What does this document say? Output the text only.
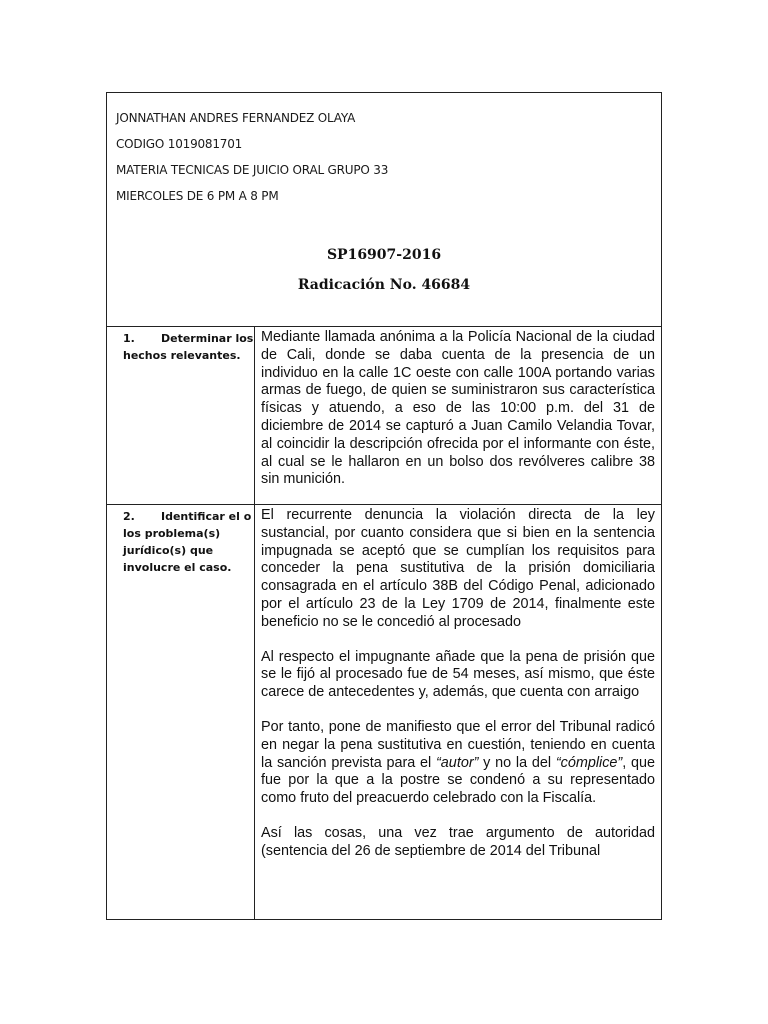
JONNATHAN ANDRES FERNANDEZ OLAYA
CODIGO 1019081701
MATERIA TECNICAS DE JUICIO ORAL GRUPO 33
MIERCOLES DE 6 PM A 8 PM
SP16907-2016
Radicación No. 46684
1. Determinar los
hechos relevantes.

Mediante llamada anónima a la Policía Nacional de la ciudad de Cali, donde se daba cuenta de la presencia de un individuo en la calle 1C oeste con calle 100A portando varias armas de fuego, de quien se suministraron sus característica físicas y atuendo, a eso de las 10:00 p.m. del 31 de diciembre de 2014 se capturó a Juan Camilo Velandia Tovar, al coincidir la descripción ofrecida por el informante con éste, al cual se le hallaron en un bolso dos revólveres calibre 38 sin munición.

2. Identificar el o
los problema(s)
jurídico(s) que
involucre el caso.

El recurrente denuncia la violación directa de la ley sustancial, por cuanto considera que si bien en la sentencia impugnada se aceptó que se cumplían los requisitos para conceder la pena sustitutiva de la prisión domiciliaria consagrada en el artículo 38B del Código Penal, adicionado por el artículo 23 de la Ley 1709 de 2014, finalmente este beneficio no se le concedió al procesado

Al respecto el impugnante añade que la pena de prisión que se le fijó al procesado fue de 54 meses, así mismo, que éste carece de antecedentes y, además, que cuenta con arraigo

Por tanto, pone de manifiesto que el error del Tribunal radicó en negar la pena sustitutiva en cuestión, teniendo en cuenta la sanción prevista para el “autor” y no la del “cómplice”, que fue por la que a la postre se condenó a su representado como fruto del preacuerdo celebrado con la Fiscalía.

Así las cosas, una vez trae argumento de autoridad (sentencia del 26 de septiembre de 2014 del Tribunal
